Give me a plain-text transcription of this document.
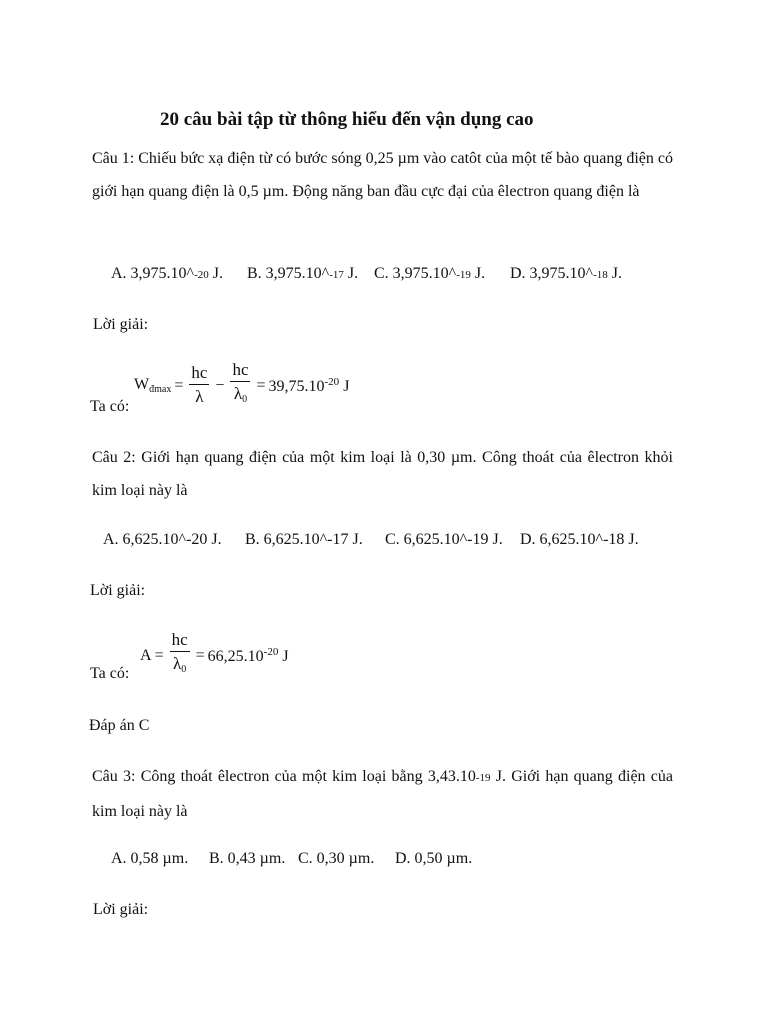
20 câu bài tập từ thông hiểu đến vận dụng cao
Câu 1: Chiếu bức xạ điện từ có bước sóng 0,25 µm vào catôt của một tế bào quang điện có giới hạn quang điện là 0,5 µm. Động năng ban đầu cực đại của êlectron quang điện là
A. 3,975.10^-20 J. B. 3,975.10^-17 J. C. 3,975.10^-19 J. D. 3,975.10^-18 J.
Lời giải:
Wđmax = $\frac{hc}{\lambda} - \frac{hc}{\lambda 0} = 39,75.10^{-20}$ J
Ta có:
Câu 2: Giới hạn quang điện của một kim loại là 0,30 µm. Công thoát của êlectron khỏi kim loại này là
A. 6,625.10^-20 J. B. 6,625.10^-17 J. C. 6,625.10^-19 J. D. 6,625.10^-18 J.
Lời giải:
$A = \frac{hc}{\lambda 0} = 66,25.10^{-20}$ J
Ta có:
Đáp án C
Câu 3: Công thoát êlectron của một kim loại bằng 3,43.10-19 J. Giới hạn quang điện của kim loại này là
A. 0,58 µm. B. 0,43 µm. C. 0,30 µm. D. 0,50 µm.
Lời giải:
